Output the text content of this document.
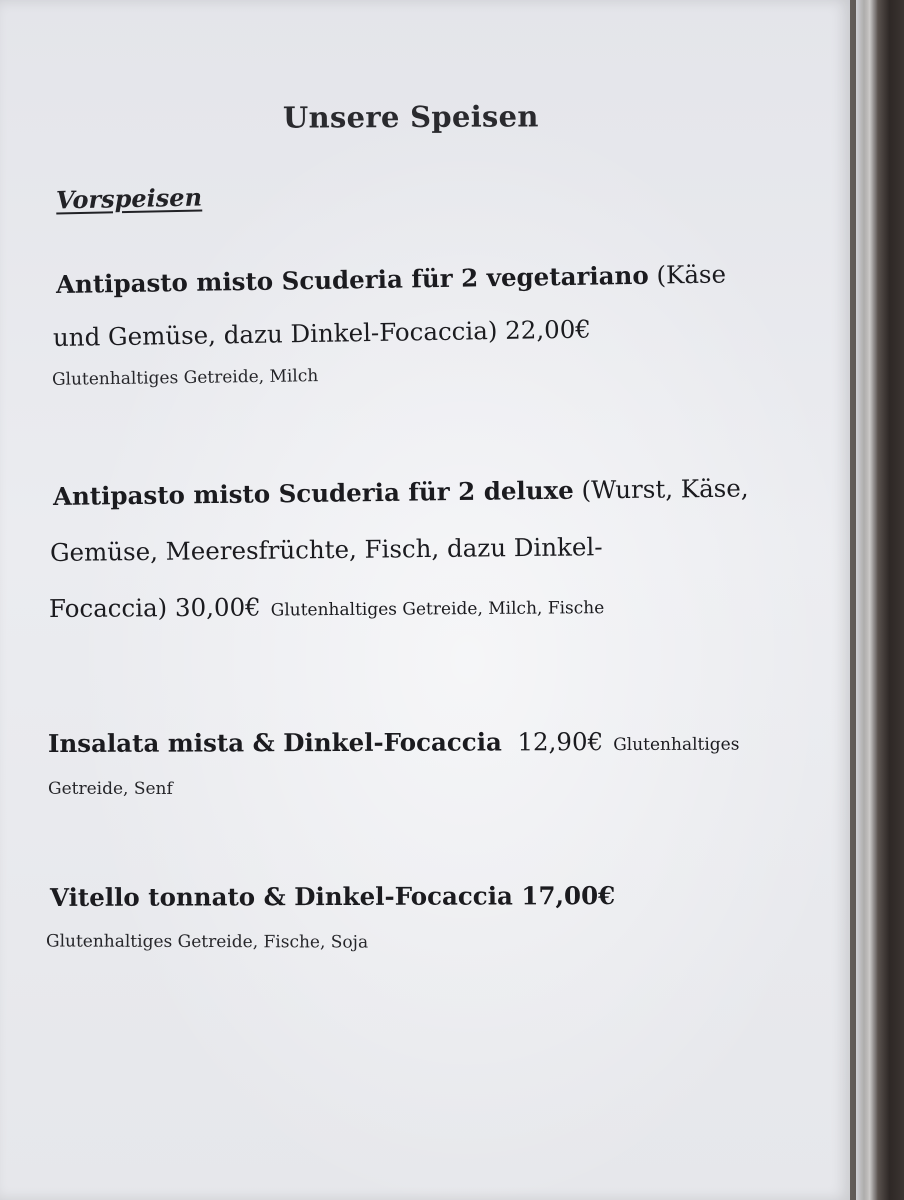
Unsere Speisen
Vorspeisen
Antipasto misto Scuderia für 2 vegetariano (Käse
und Gemüse, dazu Dinkel-Focaccia) 22,00€
Glutenhaltiges Getreide, Milch
Antipasto misto Scuderia für 2 deluxe (Wurst, Käse,
Gemüse, Meeresfrüchte, Fisch, dazu Dinkel-
Focaccia) 30,00€ Glutenhaltiges Getreide, Milch, Fische
Insalata mista & Dinkel-Focaccia 12,90€ Glutenhaltiges
Getreide, Senf
Vitello tonnato & Dinkel-Focaccia 17,00€
Glutenhaltiges Getreide, Fische, Soja
